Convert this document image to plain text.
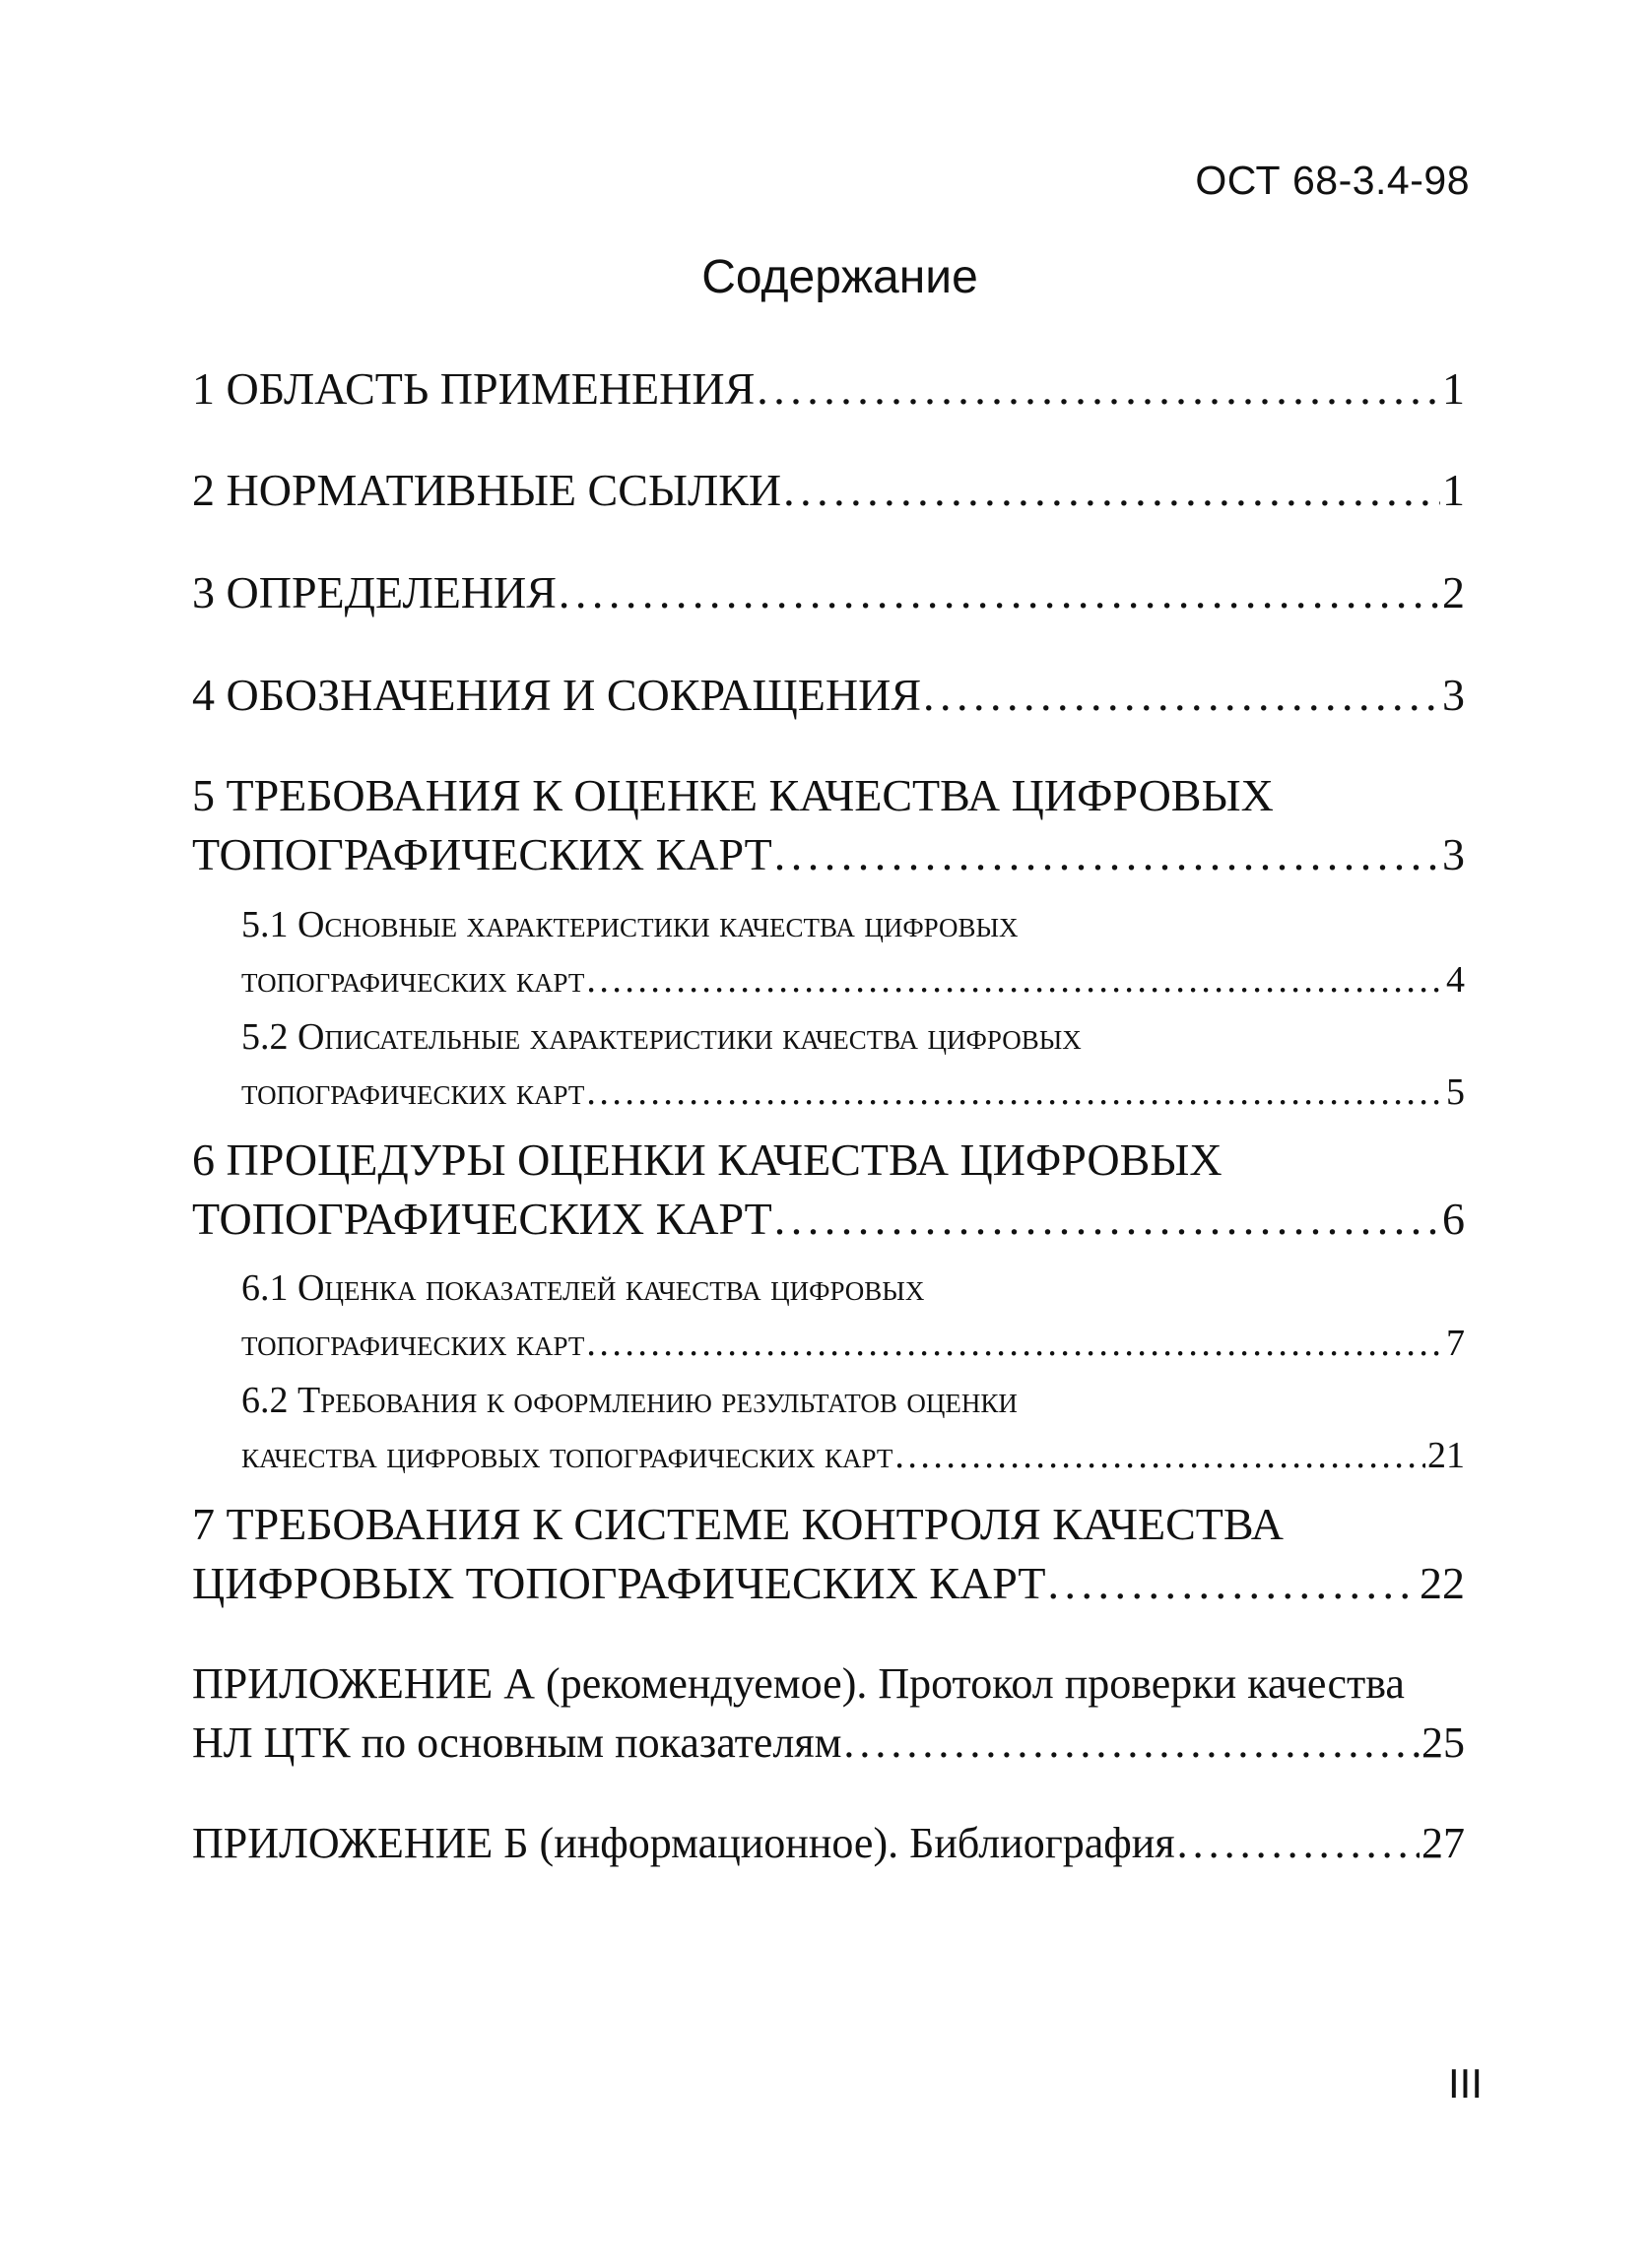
ОСТ 68-3.4-98
Содержание
1 ОБЛАСТЬ ПРИМЕНЕНИЯ . . .	1
2 НОРМАТИВНЫЕ ССЫЛКИ . . .	1
3 ОПРЕДЕЛЕНИЯ . . .	2
4 ОБОЗНАЧЕНИЯ И СОКРАЩЕНИЯ . . .	3
5 ТРЕБОВАНИЯ К ОЦЕНКЕ КАЧЕСТВА ЦИФРОВЫХ
ТОПОГРАФИЧЕСКИХ КАРТ . . .	3
5.1 Основные характеристики качества цифровых
топографических карт . . .	4
5.2 Описательные характеристики качества цифровых
топографических карт . . .	5
6 ПРОЦЕДУРЫ ОЦЕНКИ КАЧЕСТВА ЦИФРОВЫХ
ТОПОГРАФИЧЕСКИХ КАРТ . . .	6
6.1 Оценка показателей качества цифровых
топографических карт . . .	7
6.2 Требования к оформлению результатов оценки
качества цифровых топографических карт . . .	21
7 ТРЕБОВАНИЯ К СИСТЕМЕ КОНТРОЛЯ КАЧЕСТВА
ЦИФРОВЫХ ТОПОГРАФИЧЕСКИХ КАРТ . . .	22
ПРИЛОЖЕНИЕ А (рекомендуемое). Протокол проверки качества
НЛ ЦТК по основным показателям . . .	25
ПРИЛОЖЕНИЕ Б (информационное). Библиография . . .	27
III
